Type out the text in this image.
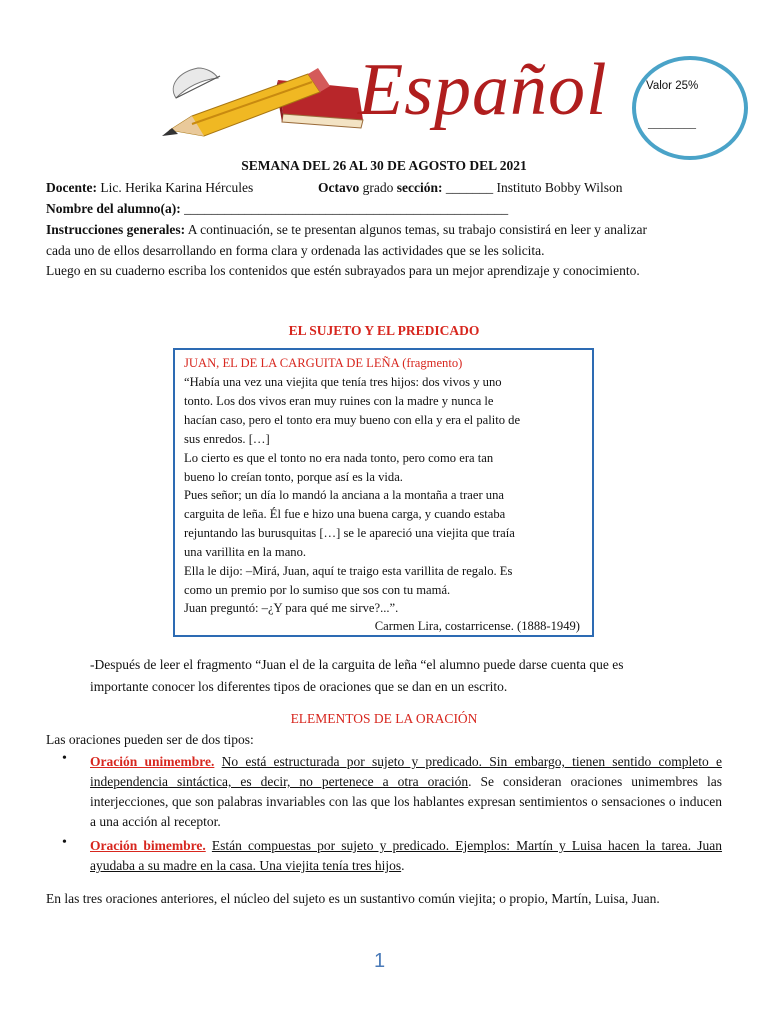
Español	Valor 25%
________
SEMANA DEL 26 AL 30 DE AGOSTO DEL 2021
Docente: Lic. Herika Karina Hércules	Octavo grado sección: _______ Instituto Bobby Wilson
Nombre del alumno(a): ________________________________________________
Instrucciones generales: A continuación, se te presentan algunos temas, su trabajo consistirá en leer y analizar
cada uno de ellos desarrollando en forma clara y ordenada las actividades que se les solicita.
Luego en su cuaderno escriba los contenidos que estén subrayados para un mejor aprendizaje y conocimiento.
EL SUJETO Y EL PREDICADO
JUAN, EL DE LA CARGUITA DE LEÑA (fragmento)
“Había una vez una viejita que tenía tres hijos: dos vivos y uno
tonto. Los dos vivos eran muy ruines con la madre y nunca le
hacían caso, pero el tonto era muy bueno con ella y era el palito de
sus enredos. […]
Lo cierto es que el tonto no era nada tonto, pero como era tan
bueno lo creían tonto, porque así es la vida.
Pues señor; un día lo mandó la anciana a la montaña a traer una
carguita de leña. Él fue e hizo una buena carga, y cuando estaba
rejuntando las burusquitas […] se le apareció una viejita que traía
una varillita en la mano.
Ella le dijo: –Mirá, Juan, aquí te traigo esta varillita de regalo. Es
como un premio por lo sumiso que sos con tu mamá.
Juan preguntó: –¿Y para qué me sirve?...”.
Carmen Lira, costarricense. (1888-1949)
-Después de leer el fragmento “Juan el de la carguita de leña “el alumno puede darse cuenta que es
importante conocer los diferentes tipos de oraciones que se dan en un escrito.
ELEMENTOS DE LA ORACIÓN
Las oraciones pueden ser de dos tipos:
• Oración unimembre. No está estructurada por sujeto y predicado. Sin embargo, tienen sentido completo e independencia sintáctica, es decir, no pertenece a otra oración. Se consideran oraciones unimembres las interjecciones, que son palabras invariables con las que los hablantes expresan sentimientos o sensaciones o inducen a una acción al receptor.
• Oración bimembre. Están compuestas por sujeto y predicado. Ejemplos: Martín y Luisa hacen la tarea. Juan ayudaba a su madre en la casa. Una viejita tenía tres hijos.
En las tres oraciones anteriores, el núcleo del sujeto es un sustantivo común viejita; o propio, Martín, Luisa, Juan.
1
